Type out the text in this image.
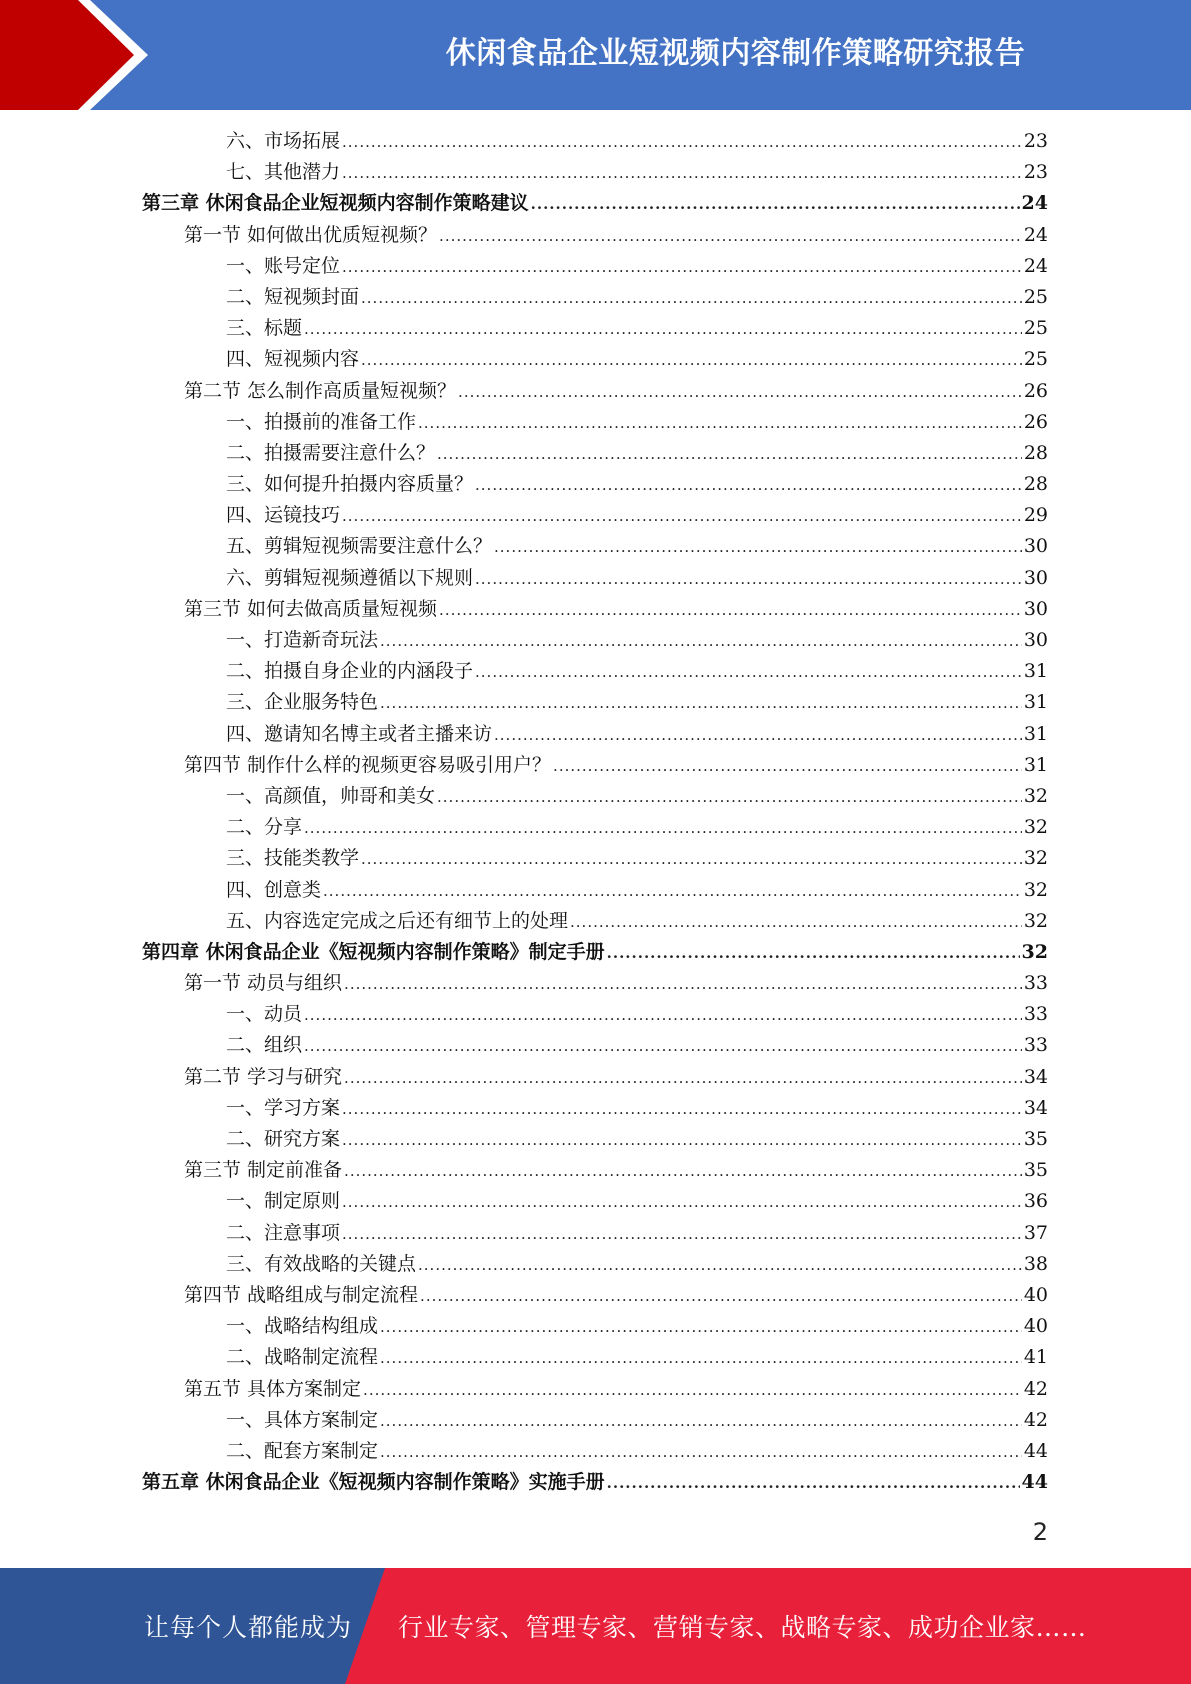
休闲食品企业短视频内容制作策略研究报告
六、市场拓展 .....	23
七、其他潜力 .....	23
第三章 休闲食品企业短视频内容制作策略建议 .....	24
第一节 如何做出优质短视频？ .....	24
一、账号定位 .....	24
二、短视频封面 .....	25
三、标题 .....	25
四、短视频内容 .....	25
第二节 怎么制作高质量短视频？ .....	26
一、拍摄前的准备工作 .....	26
二、拍摄需要注意什么？ .....	28
三、如何提升拍摄内容质量？ .....	28
四、运镜技巧 .....	29
五、剪辑短视频需要注意什么？ .....	30
六、剪辑短视频遵循以下规则 .....	30
第三节 如何去做高质量短视频 .....	30
一、打造新奇玩法 .....	30
二、拍摄自身企业的内涵段子 .....	31
三、企业服务特色 .....	31
四、邀请知名博主或者主播来访 .....	31
第四节 制作什么样的视频更容易吸引用户？ .....	31
一、高颜值，帅哥和美女 .....	32
二、分享 .....	32
三、技能类教学 .....	32
四、创意类 .....	32
五、内容选定完成之后还有细节上的处理 .....	32
第四章 休闲食品企业《短视频内容制作策略》制定手册 .....	32
第一节 动员与组织 .....	33
一、动员 .....	33
二、组织 .....	33
第二节 学习与研究 .....	34
一、学习方案 .....	34
二、研究方案 .....	35
第三节 制定前准备 .....	35
一、制定原则 .....	36
二、注意事项 .....	37
三、有效战略的关键点 .....	38
第四节 战略组成与制定流程 .....	40
一、战略结构组成 .....	40
二、战略制定流程 .....	41
第五节 具体方案制定 .....	42
一、具体方案制定 .....	42
二、配套方案制定 .....	44
第五章 休闲食品企业《短视频内容制作策略》实施手册 .....	44
2
让每个人都能成为 行业专家、管理专家、营销专家、战略专家、成功企业家……
